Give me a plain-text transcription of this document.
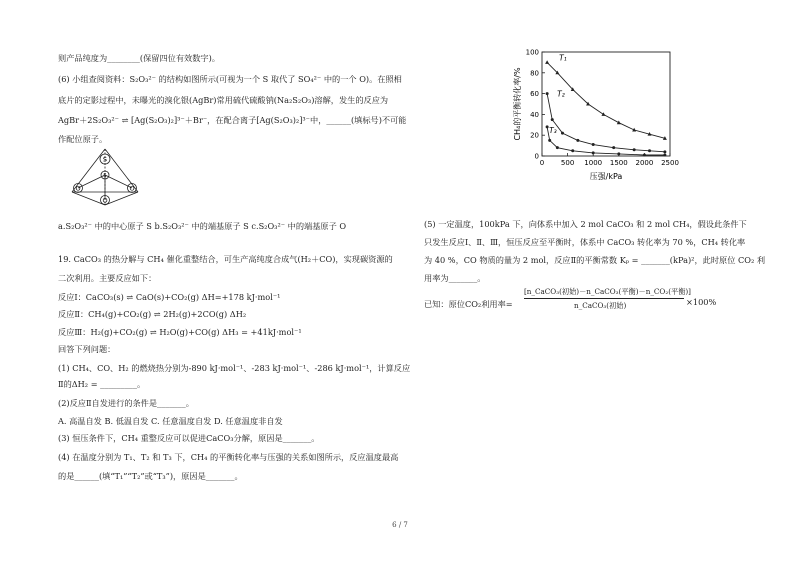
则产品纯度为________(保留四位有效数字)。
(6) 小组查阅资料：S₂O₃²⁻ 的结构如图所示(可视为一个 S 取代了 SO₄²⁻ 中的一个 O)。在照相
底片的定影过程中，未曝光的溴化银(AgBr)常用硫代硫酸钠(Na₂S₂O₃)溶解，发生的反应为
AgBr＋2S₂O₃²⁻ ⇌ [Ag(S₂O₃)₂]³⁻＋Br⁻，在配合离子[Ag(S₂O₃)₂]³⁻中，______(填标号)不可能
作配位原子。
a.S₂O₃²⁻ 中的中心原子 S b.S₂O₃²⁻ 中的端基原子 S c.S₂O₃²⁻ 中的端基原子 O
19. CaCO₃ 的热分解与 CH₄ 催化重整结合，可生产高纯度合成气(H₂＋CO)，实现碳资源的
二次利用。主要反应如下：
反应Ⅰ：CaCO₃(s) ⇌ CaO(s)+CO₂(g) ΔH=+178 kJ·mol⁻¹
反应Ⅱ：CH₄(g)+CO₂(g) ⇌ 2H₂(g)+2CO(g) ΔH₂
反应Ⅲ：H₂(g)+CO₂(g) ⇌ H₂O(g)+CO(g) ΔH₃ = +41kJ·mol⁻¹
回答下列问题：
(1) CH₄、CO、H₂ 的燃烧热分别为-890 kJ·mol⁻¹、-283 kJ·mol⁻¹、-286 kJ·mol⁻¹，计算反应
Ⅱ的ΔH₂ = _________。
(2)反应Ⅱ自发进行的条件是_______。
A. 高温自发 B. 低温自发 C. 任意温度自发 D. 任意温度非自发
(3) 恒压条件下，CH₄ 重整反应可以促进CaCO₃分解，原因是_______。
(4) 在温度分别为 T₁、T₂ 和 T₃ 下，CH₄ 的平衡转化率与压强的关系如图所示，反应温度最高
的是______(填“T₁”“T₂”或“T₃”)，原因是_______。
S
O
S
O
O
0
20
40
60
80
100
0 500 1000 1500 2000 2500
T₁
T₂
T₃
CH₄的平衡转化率/%
压强/kPa
(5) 一定温度，100kPa 下，向体系中加入 2 mol CaCO₃ 和 2 mol CH₄，假设此条件下
只发生反应Ⅰ、Ⅱ、Ⅲ，恒压反应至平衡时，体系中 CaCO₃ 转化率为 70 %，CH₄ 转化率
为 40 %，CO 物质的量为 2 mol，反应Ⅱ的平衡常数 Kₚ = _______(kPa)²，此时原位 CO₂ 利
用率为_______。
已知：原位CO₂利用率=
[n_CaCO₃(初始)－n_CaCO₃(平衡)－n_CO₂(平衡)]
n_CaCO₃(初始)	×100%
6 / 7
